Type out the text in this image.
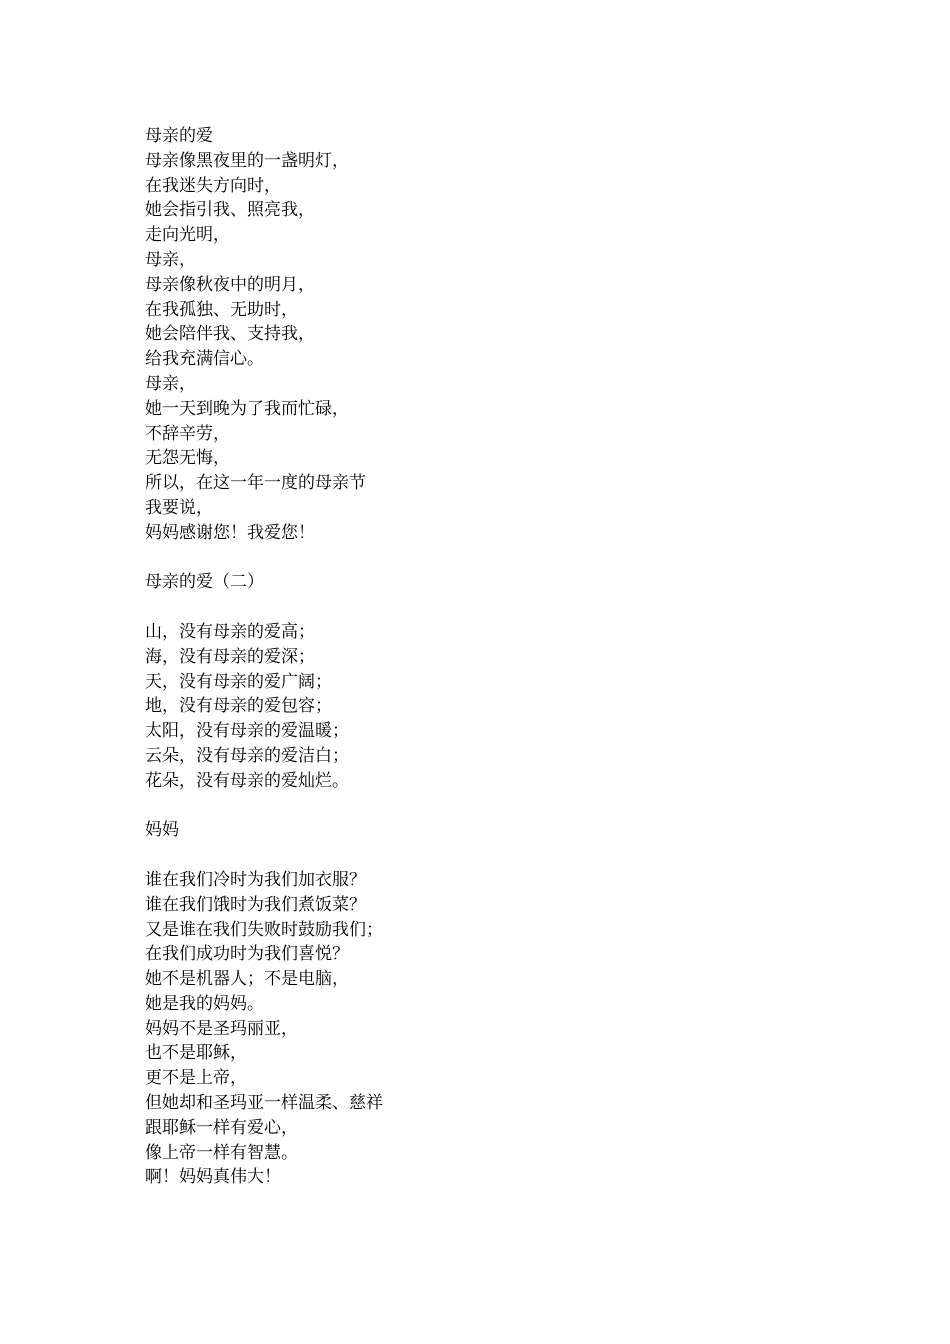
母亲的爱

母亲像黑夜里的一盏明灯，

在我迷失方向时，

她会指引我、照亮我，

走向光明，

母亲，

母亲像秋夜中的明月，

在我孤独、无助时，

她会陪伴我、支持我，

给我充满信心。

母亲，

她一天到晚为了我而忙碌，

不辞辛劳，

无怨无悔，

所以，在这一年一度的母亲节

我要说，

妈妈感谢您！我爱您！

母亲的爱（二）

山，没有母亲的爱高；

海，没有母亲的爱深；

天，没有母亲的爱广阔；

地，没有母亲的爱包容；

太阳，没有母亲的爱温暖；

云朵，没有母亲的爱洁白；

花朵，没有母亲的爱灿烂。

妈妈

谁在我们冷时为我们加衣服？

谁在我们饿时为我们煮饭菜？

又是谁在我们失败时鼓励我们；

在我们成功时为我们喜悦？

她不是机器人；不是电脑，

她是我的妈妈。

妈妈不是圣玛丽亚，

也不是耶稣，

更不是上帝，

但她却和圣玛亚一样温柔、慈祥

跟耶稣一样有爱心，

像上帝一样有智慧。

啊！妈妈真伟大！
